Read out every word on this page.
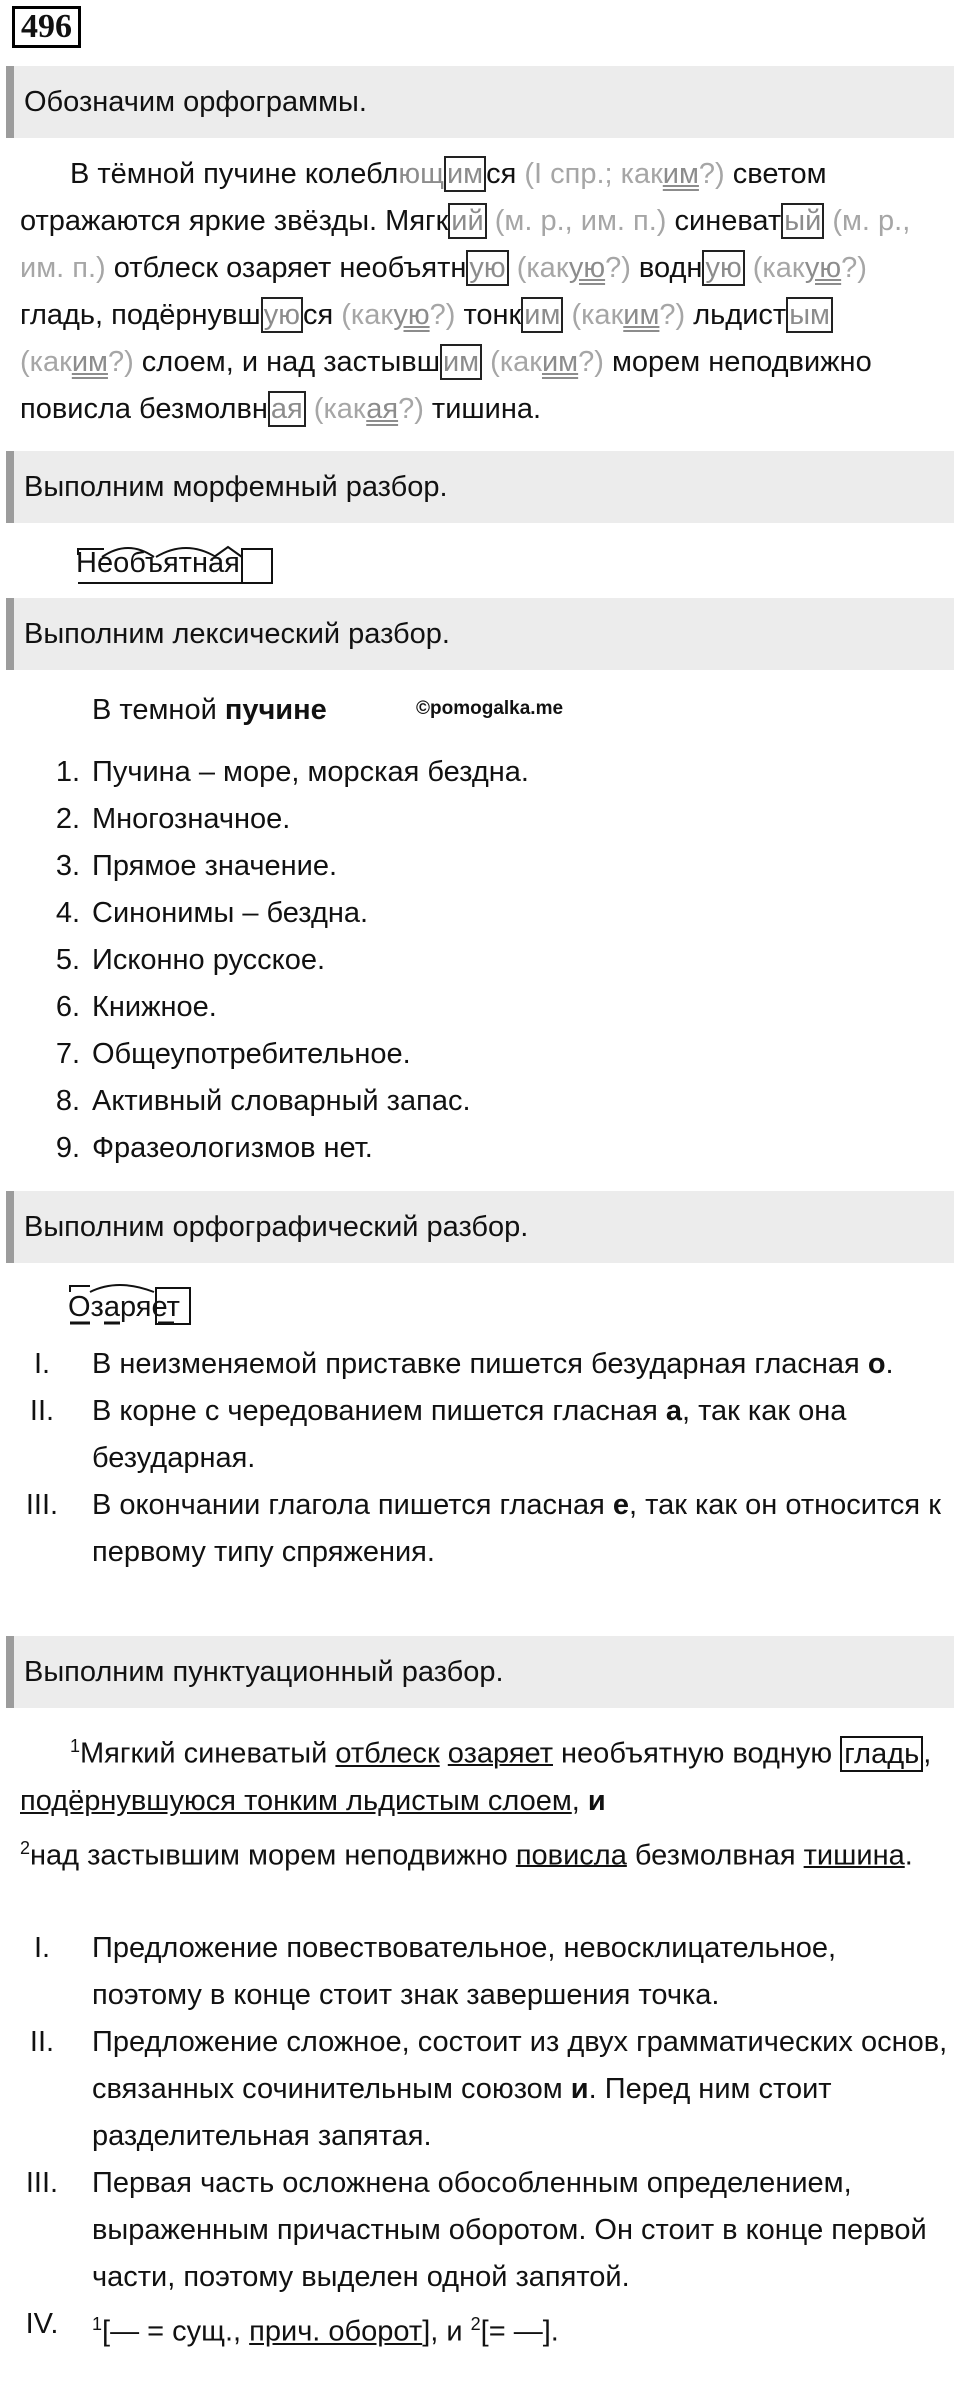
496
Обозначим орфограммы.

В тёмной пучине колеблющ им ся (I спр.; каким?) светом отражаются яркие звёзды. Мягк ий (м. р., им. п.) синеват ый (м. р., им. п.) отблеск озаряет необъятн ую (какую?) водн ую (какую?) гладь, подёрнувш ую ся (какую?) тонк им (каким?) льдист ым (каким?) слоем, и над застывш им (каким?) морем неподвижно повисла безмолвн ая (какая?) тишина.

Выполним морфемный разбор.
Необъятная
Выполним лексический разбор.
В темной пучине	©pomogalka.me
1. Пучина – море, морская бездна.
2. Многозначное.
3. Прямое значение.
4. Синонимы – бездна.
5. Исконно русское.
6. Книжное.
7. Общеупотребительное.
8. Активный словарный запас.
9. Фразеологизмов нет.
Выполним орфографический разбор.
Озаряет
I.	В неизменяемой приставке пишется безударная гласная о.
II. В корне с чередованием пишется гласная а, так как она безударная.
III. В окончании глагола пишется гласная е, так как он относится к первому типу спряжения.
Выполним пунктуационный разбор.

$^1$Мягкий синеватый отблеск озаряет необъятную водную гладь , подёрнувшуюся тонким льдистым слоем, и
$^2$над застывшим морем неподвижно повисла безмолвная тишина.

I.	Предложение повествовательное, невосклицательное, поэтому в конце стоит знак завершения точка.
II. Предложение сложное, состоит из двух грамматических основ, связанных сочинительным союзом и. Перед ним стоит разделительная запятая.
III. Первая часть осложнена обособленным определением, выраженным причастным оборотом. Он стоит в конце первой части, поэтому выделен одной запятой.
IV. $^1$[— = сущ., прич. оборот], и $^2$[= —].
